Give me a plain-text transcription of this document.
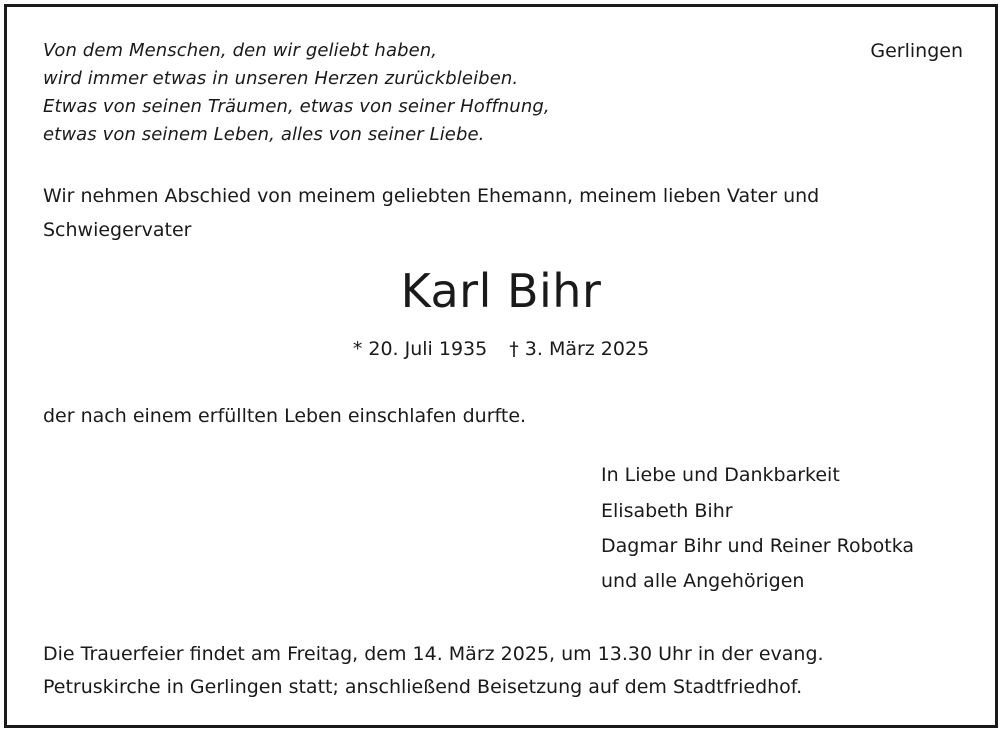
Von dem Menschen, den wir geliebt haben,
wird immer etwas in unseren Herzen zurückbleiben.
Etwas von seinen Träumen, etwas von seiner Hoffnung,
etwas von seinem Leben, alles von seiner Liebe.
Gerlingen
Wir nehmen Abschied von meinem geliebten Ehemann, meinem lieben Vater und
Schwiegervater
Karl Bihr
* 20. Juli 1935 † 3. März 2025
der nach einem erfüllten Leben einschlafen durfte.
In Liebe und Dankbarkeit
Elisabeth Bihr
Dagmar Bihr und Reiner Robotka
und alle Angehörigen
Die Trauerfeier findet am Freitag, dem 14. März 2025, um 13.30 Uhr in der evang.
Petruskirche in Gerlingen statt; anschließend Beisetzung auf dem Stadtfriedhof.
